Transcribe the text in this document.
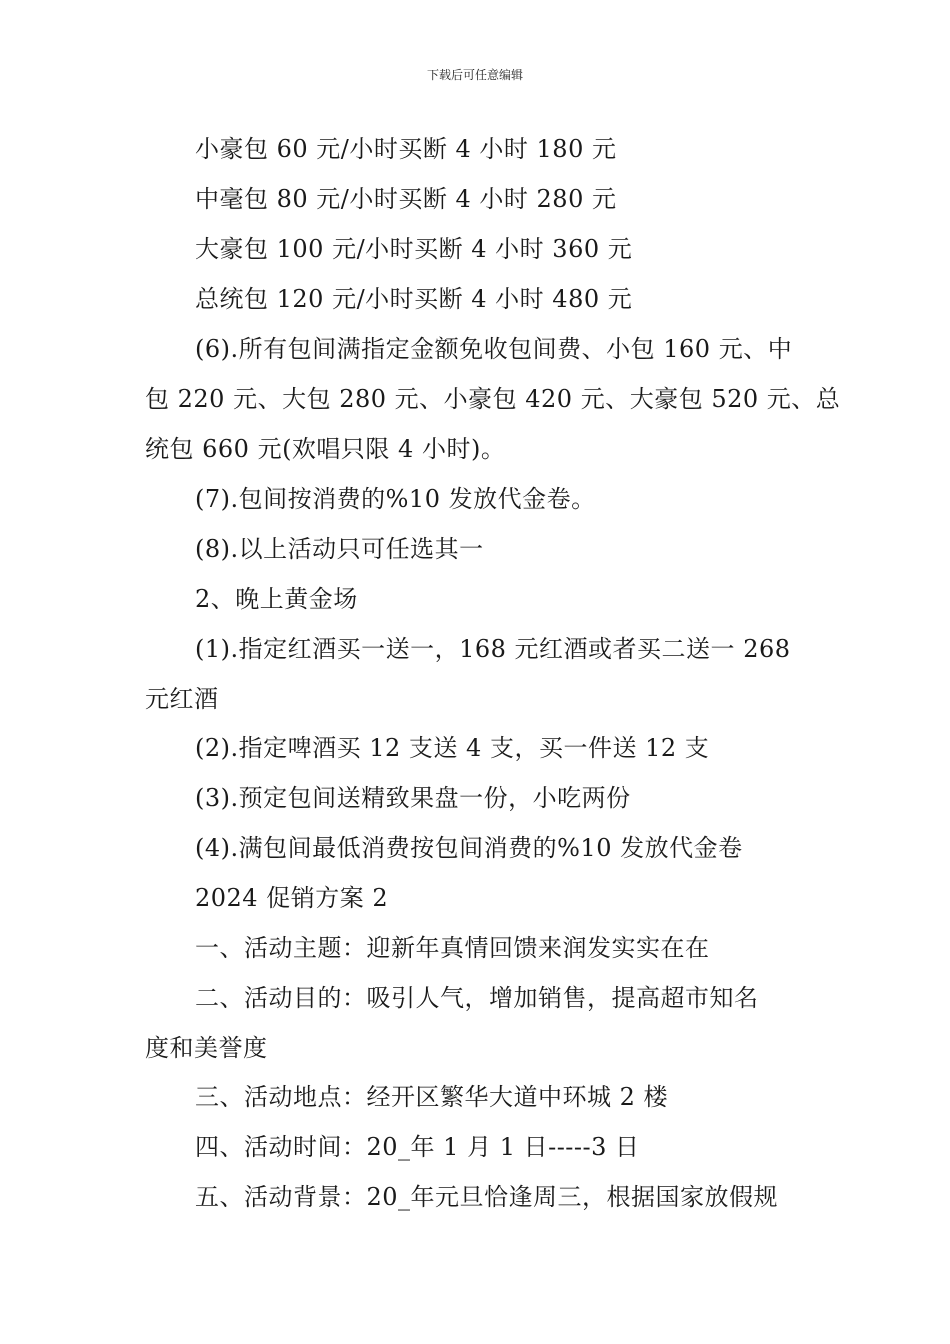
下载后可任意编辑
小豪包 60 元/小时买断 4 小时 180 元
中毫包 80 元/小时买断 4 小时 280 元
大豪包 100 元/小时买断 4 小时 360 元
总统包 120 元/小时买断 4 小时 480 元
(6).所有包间满指定金额免收包间费、小包 160 元、中
包 220 元、大包 280 元、小豪包 420 元、大豪包 520 元、总
统包 660 元(欢唱只限 4 小时)。
(7).包间按消费的%10 发放代金卷。
(8).以上活动只可任选其一
2、晚上黄金场
(1).指定红酒买一送一，168 元红酒或者买二送一 268
元红酒
(2).指定啤酒买 12 支送 4 支，买一件送 12 支
(3).预定包间送精致果盘一份，小吃两份
(4).满包间最低消费按包间消费的%10 发放代金卷
2024 促销方案 2
一、活动主题：迎新年真情回馈来润发实实在在
二、活动目的：吸引人气，增加销售，提高超市知名
度和美誉度
三、活动地点：经开区繁华大道中环城 2 楼
四、活动时间：20_年 1 月 1 日-----3 日
五、活动背景：20_年元旦恰逢周三，根据国家放假规
